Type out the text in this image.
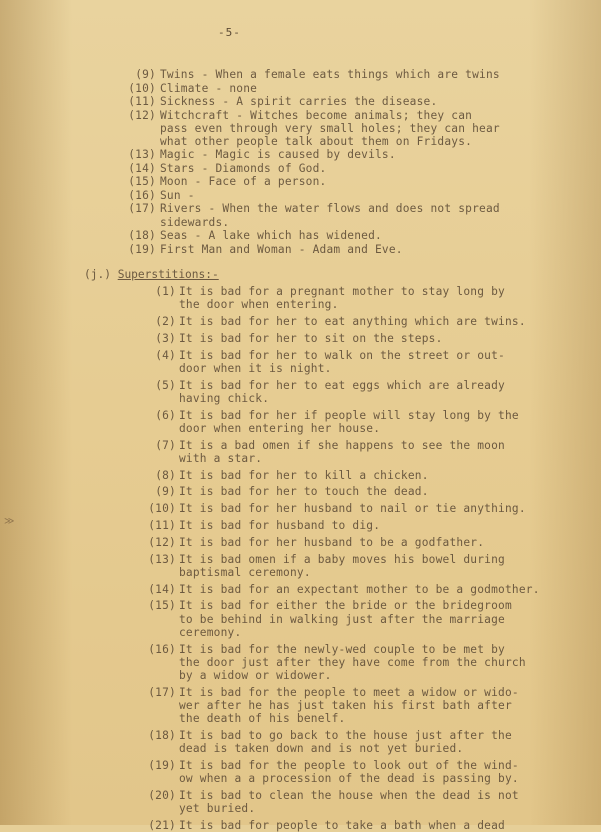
-5-
(9) Twins - When a female eats things which are twins
(10) Climate - none
(11) Sickness - A spirit carries the disease.
(12) Witchcraft - Witches become animals; they can
pass even through very small holes; they can hear
what other people talk about them on Fridays.
(13) Magic - Magic is caused by devils.
(14) Stars - Diamonds of God.
(15) Moon - Face of a person.
(16) Sun -
(17) Rivers - When the water flows and does not spread
sidewards.
(18) Seas - A lake which has widened.
(19) First Man and Woman - Adam and Eve.
(j.) Superstitions:-
(1) It is bad for a pregnant mother to stay long by
the door when entering.
(2) It is bad for her to eat anything which are twins.
(3) It is bad for her to sit on the steps.
(4) It is bad for her to walk on the street or out-
door when it is night.
(5) It is bad for her to eat eggs which are already
having chick.
(6) It is bad for her if people will stay long by the
door when entering her house.
(7) It is a bad omen if she happens to see the moon
with a star.
(8) It is bad for her to kill a chicken.
(9) It is bad for her to touch the dead.
(10) It is bad for her husband to nail or tie anything.
(11) It is bad for husband to dig.
(12) It is bad for her husband to be a godfather.
(13) It is bad omen if a baby moves his bowel during
baptismal ceremony.
(14) It is bad for an expectant mother to be a godmother.
(15) It is bad for either the bride or the bridegroom
to be behind in walking just after the marriage
ceremony.
(16) It is bad for the newly-wed couple to be met by
the door just after they have come from the church
by a widow or widower.
(17) It is bad for the people to meet a widow or wido-
wer after he has just taken his first bath after
the death of his benelf.
(18) It is bad to go back to the house just after the
dead is taken down and is not yet buried.
(19) It is bad for the people to look out of the wind-
ow when a a procession of the dead is passing by.
(20) It is bad to clean the house when the dead is not
yet buried.
(21) It is bad for people to take a bath when a dead
≫
